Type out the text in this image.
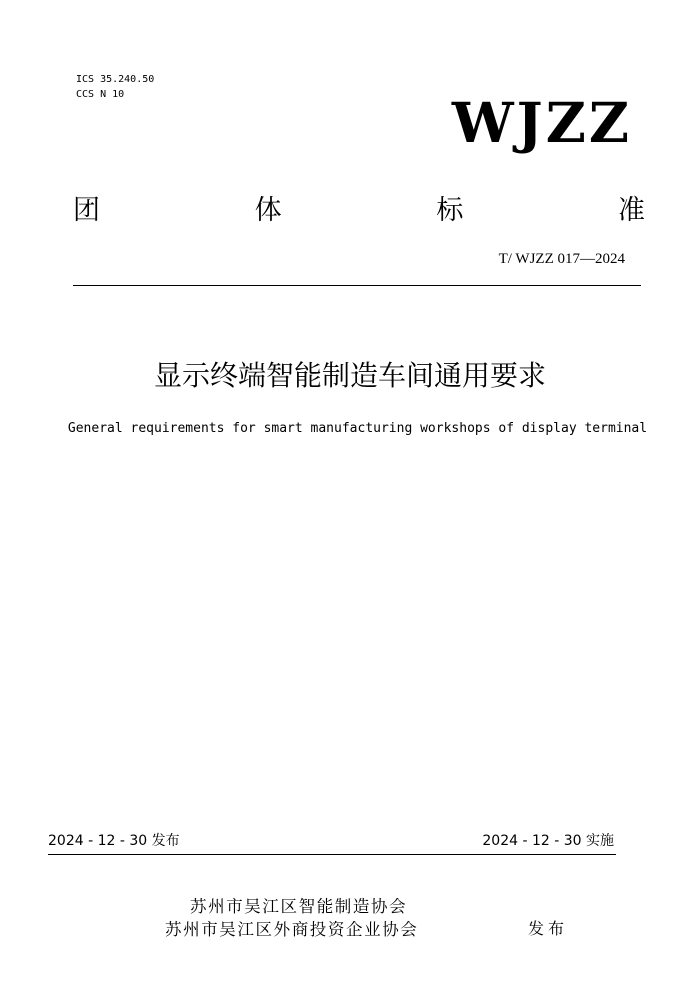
ICS 35.240.50
CCS N 10	WJZZ
团	体	标	准
T/ WJZZ 017—2024
显示终端智能制造车间通用要求
General requirements for smart manufacturing workshops of display terminal
2024 - 12 - 30 发布	2024 - 12 - 30 实施
苏州市吴江区智能制造协会
苏州市吴江区外商投资企业协会	发布
